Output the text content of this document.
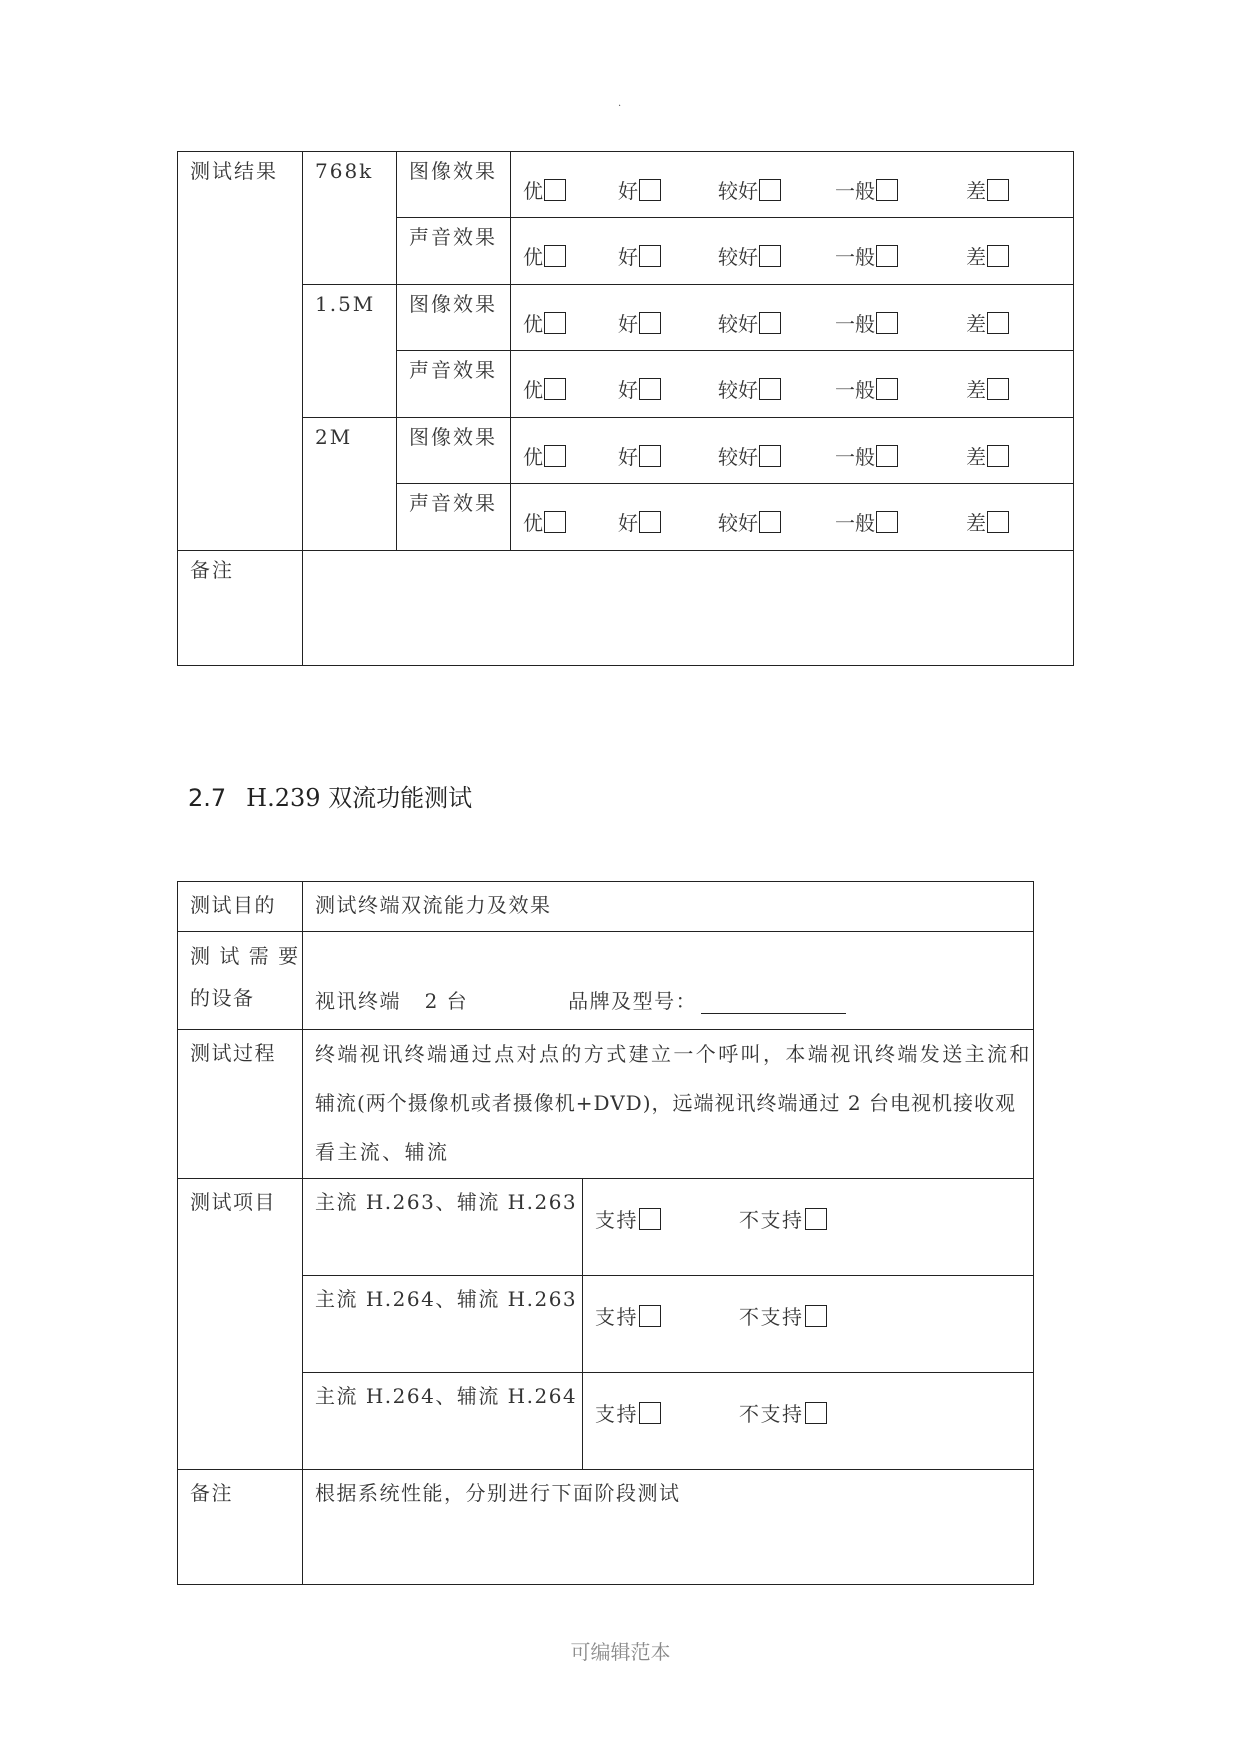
.
测试结果	768k	图像效果	优 好 较好 一般 差

		声音效果	优 好 较好 一般 差

	1.5M	图像效果	优 好 较好 一般 差

		声音效果	优 好 较好 一般 差

	2M	图像效果	优 好 较好 一般 差

		声音效果	优 好 较好 一般 差

备注			

2.7 H.239 双流功能测试
测试目的	测试终端双流能力及效果	

测 试 需 要
的设备	视讯终端   2 台 品牌及型号：	

测试过程	终端视讯终端通过点对点的方式建立一个呼叫，本端视讯终端发送主流和
辅流(两个摄像机或者摄像机+DVD)，远端视讯终端通过 2 台电视机接收观
看主流、辅流	

测试项目	主流 H.263、辅流 H.263	支持 不支持

	主流 H.264、辅流 H.263	支持 不支持

	主流 H.264、辅流 H.264	支持 不支持

备注	根据系统性能，分别进行下面阶段测试	
可编辑范本
